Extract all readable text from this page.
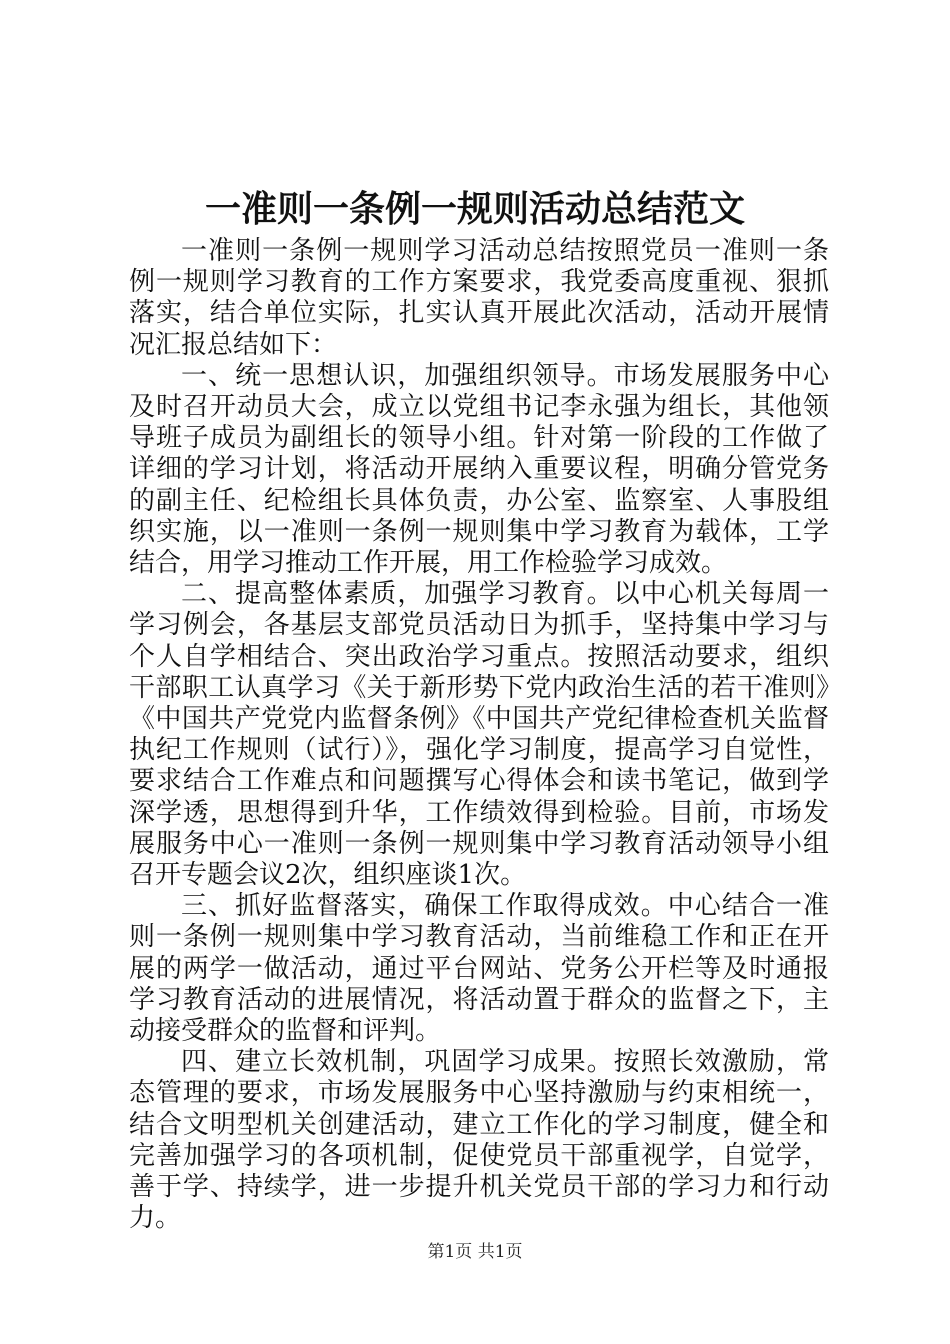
一准则一条例一规则活动总结范文

一准则一条例一规则学习活动总结按照党员一准则一条例一规则学习教育的工作方案要求，我党委高度重视、狠抓落实，结合单位实际，扎实认真开展此次活动，活动开展情况汇报总结如下：

一、统一思想认识，加强组织领导。市场发展服务中心及时召开动员大会，成立以党组书记李永强为组长，其他领导班子成员为副组长的领导小组。针对第一阶段的工作做了详细的学习计划，将活动开展纳入重要议程，明确分管党务的副主任、纪检组长具体负责，办公室、监察室、人事股组织实施，以一准则一条例一规则集中学习教育为载体，工学结合，用学习推动工作开展，用工作检验学习成效。

二、提高整体素质，加强学习教育。以中心机关每周一学习例会，各基层支部党员活动日为抓手，坚持集中学习与个人自学相结合、突出政治学习重点。按照活动要求，组织干部职工认真学习《关于新形势下党内政治生活的若干准则》《中国共产党党内监督条例》《中国共产党纪律检查机关监督执纪工作规则（试行）》，强化学习制度，提高学习自觉性，要求结合工作难点和问题撰写心得体会和读书笔记，做到学深学透，思想得到升华，工作绩效得到检验。目前，市场发展服务中心一准则一条例一规则集中学习教育活动领导小组召开专题会议2次，组织座谈1次。

三、抓好监督落实，确保工作取得成效。中心结合一准则一条例一规则集中学习教育活动，当前维稳工作和正在开展的两学一做活动，通过平台网站、党务公开栏等及时通报学习教育活动的进展情况，将活动置于群众的监督之下，主动接受群众的监督和评判。

四、建立长效机制，巩固学习成果。按照长效激励，常态管理的要求，市场发展服务中心坚持激励与约束相统一，结合文明型机关创建活动，建立工作化的学习制度，健全和完善加强学习的各项机制，促使党员干部重视学，自觉学，善于学、持续学，进一步提升机关党员干部的学习力和行动力。

第1页 共1页
